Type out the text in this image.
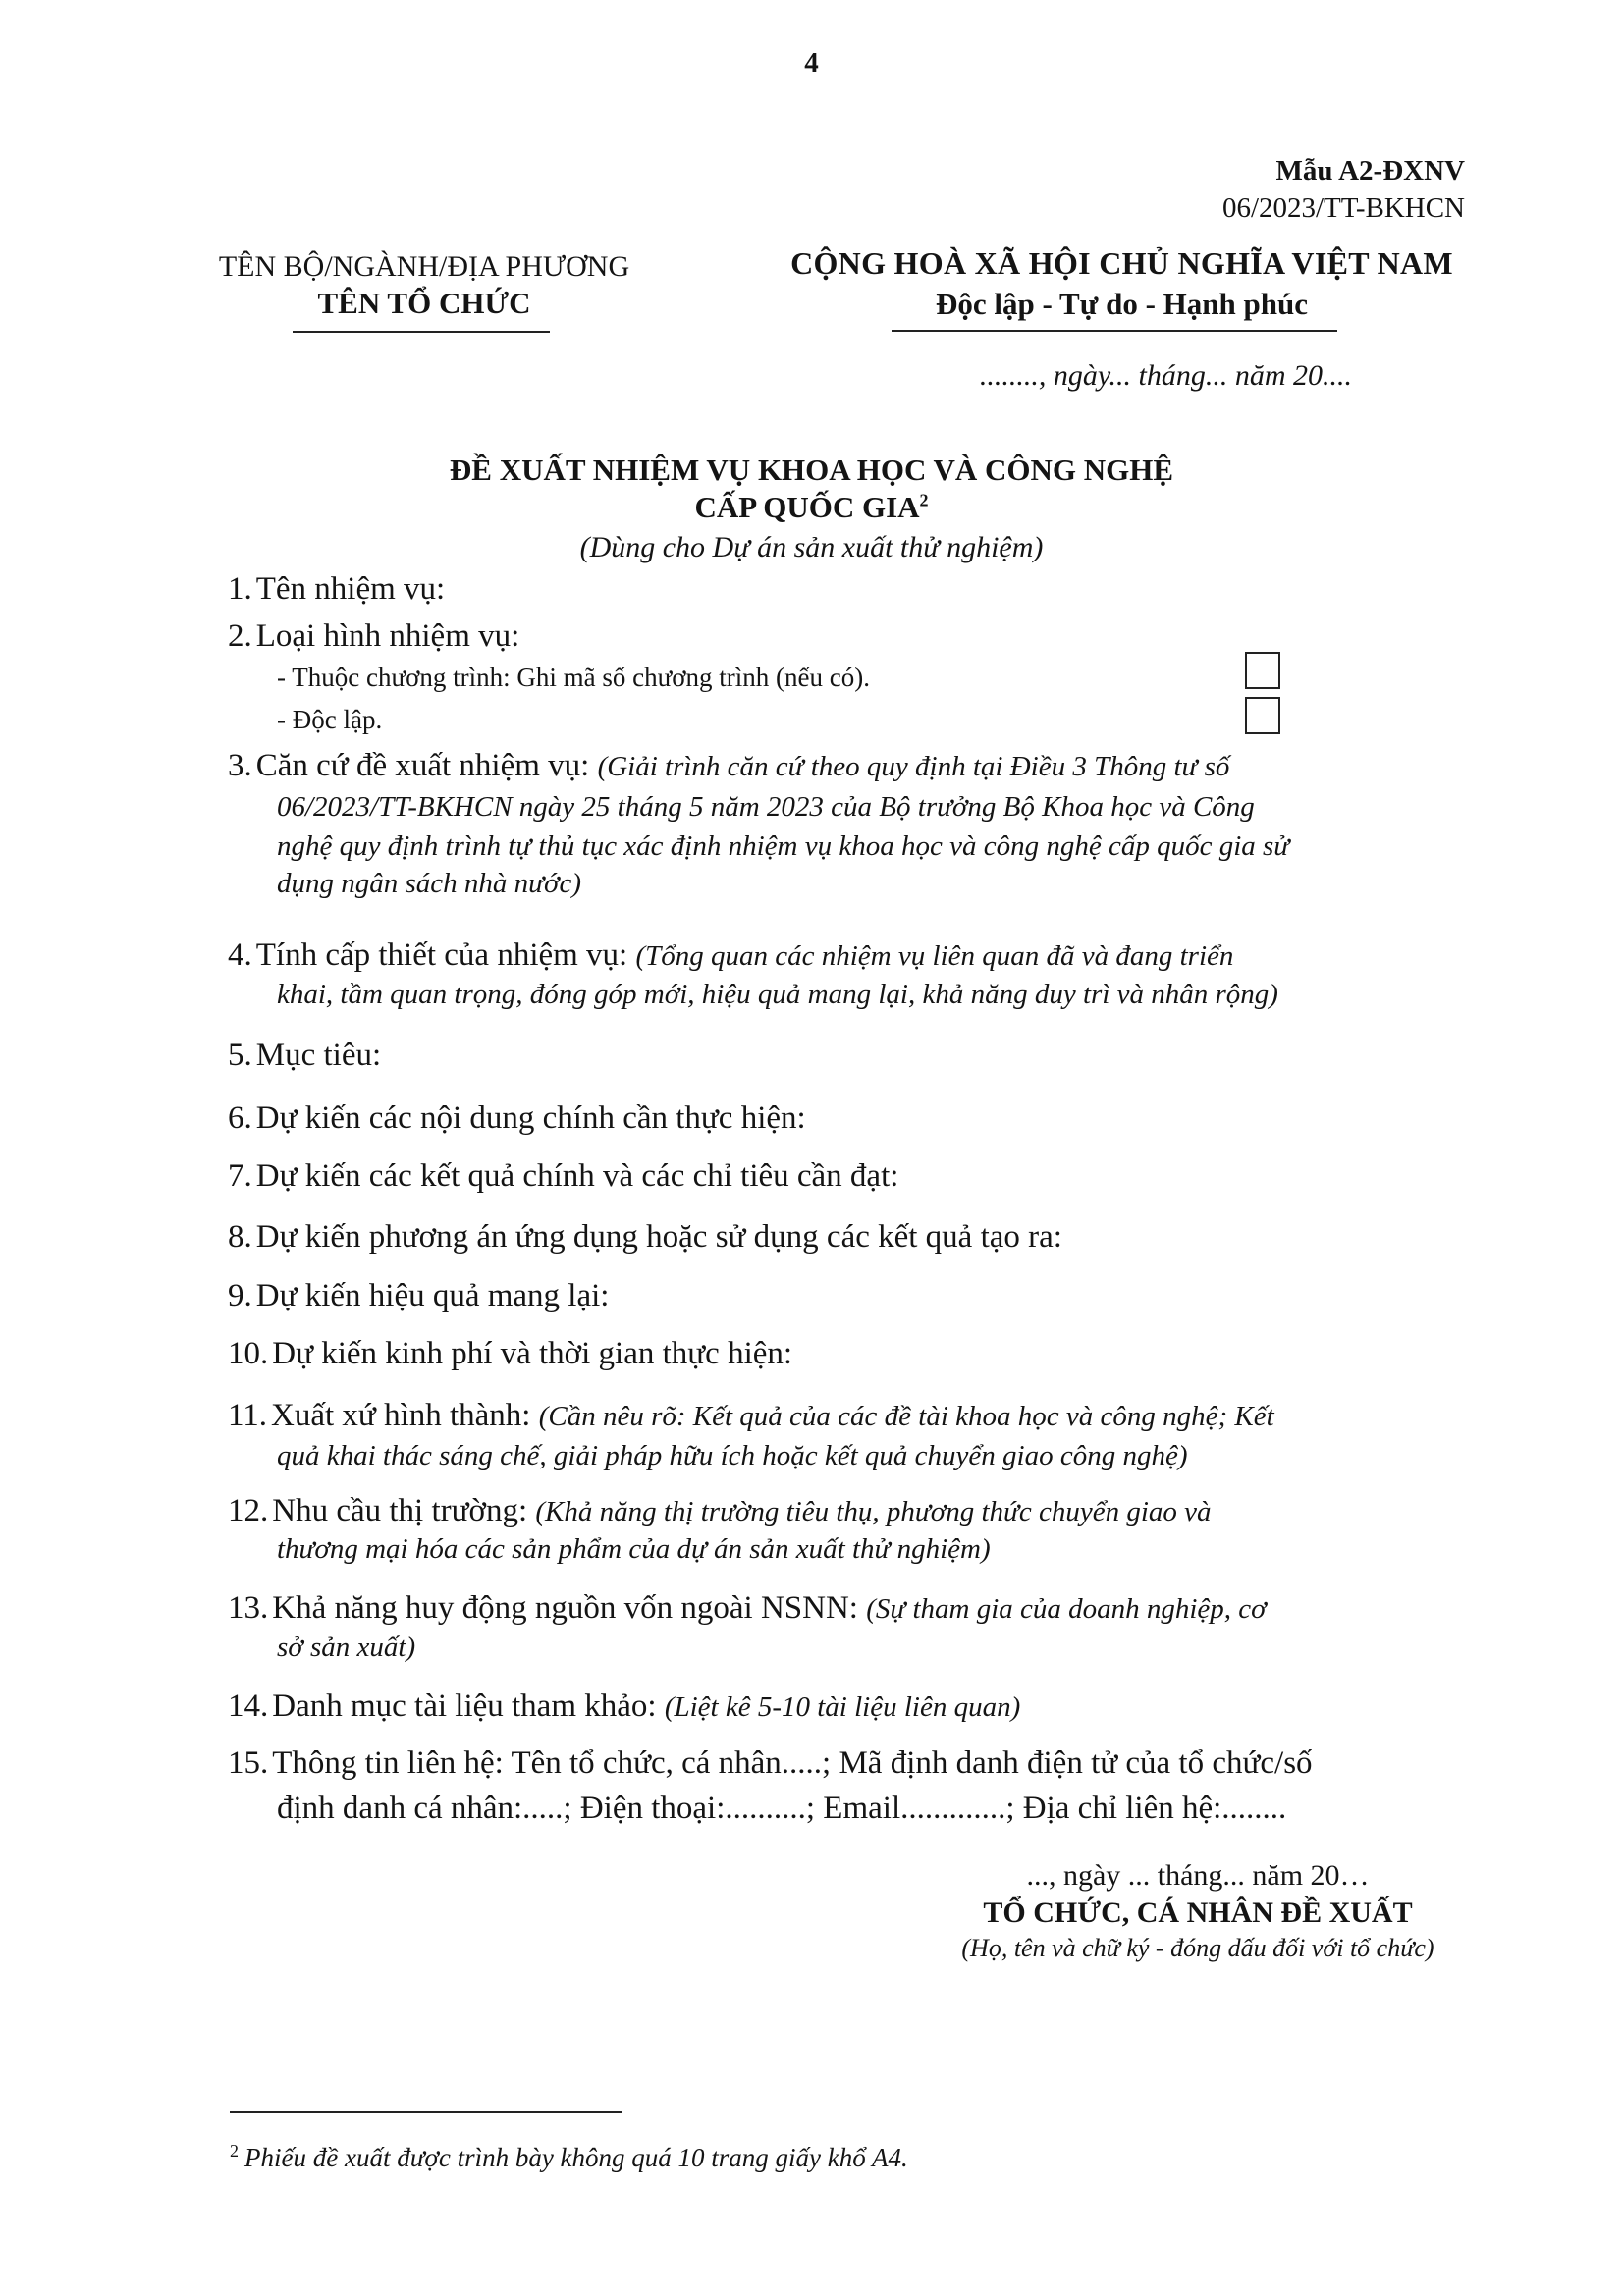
4
Mẫu A2-ĐXNV
06/2023/TT-BKHCN
TÊN BỘ/NGÀNH/ĐỊA PHƯƠNG
TÊN TỔ CHỨC
CỘNG HOÀ XÃ HỘI CHỦ NGHĨA VIỆT NAM
Độc lập - Tự do - Hạnh phúc
........, ngày... tháng... năm 20....
ĐỀ XUẤT NHIỆM VỤ KHOA HỌC VÀ CÔNG NGHỆ
CẤP QUỐC GIA$^2$
(Dùng cho Dự án sản xuất thử nghiệm)
1. Tên nhiệm vụ:
2. Loại hình nhiệm vụ:
- Thuộc chương trình: Ghi mã số chương trình (nếu có).
- Độc lập.
3. Căn cứ đề xuất nhiệm vụ: (Giải trình căn cứ theo quy định tại Điều 3 Thông tư số
06/2023/TT-BKHCN ngày 25 tháng 5 năm 2023 của Bộ trưởng Bộ Khoa học và Công
nghệ quy định trình tự thủ tục xác định nhiệm vụ khoa học và công nghệ cấp quốc gia sử
dụng ngân sách nhà nước)
4. Tính cấp thiết của nhiệm vụ: (Tổng quan các nhiệm vụ liên quan đã và đang triển
khai, tầm quan trọng, đóng góp mới, hiệu quả mang lại, khả năng duy trì và nhân rộng)
5. Mục tiêu:
6. Dự kiến các nội dung chính cần thực hiện:
7. Dự kiến các kết quả chính và các chỉ tiêu cần đạt:
8. Dự kiến phương án ứng dụng hoặc sử dụng các kết quả tạo ra:
9. Dự kiến hiệu quả mang lại:
10. Dự kiến kinh phí và thời gian thực hiện:
11. Xuất xứ hình thành: (Cần nêu rõ: Kết quả của các đề tài khoa học và công nghệ; Kết
quả khai thác sáng chế, giải pháp hữu ích hoặc kết quả chuyển giao công nghệ)
12. Nhu cầu thị trường: (Khả năng thị trường tiêu thụ, phương thức chuyển giao và
thương mại hóa các sản phẩm của dự án sản xuất thử nghiệm)
13. Khả năng huy động nguồn vốn ngoài NSNN: (Sự tham gia của doanh nghiệp, cơ
sở sản xuất)
14. Danh mục tài liệu tham khảo: (Liệt kê 5-10 tài liệu liên quan)
15. Thông tin liên hệ: Tên tổ chức, cá nhân.....; Mã định danh điện tử của tổ chức/số
định danh cá nhân:.....; Điện thoại:..........; Email.............; Địa chỉ liên hệ:........
..., ngày ... tháng... năm 20…
TỔ CHỨC, CÁ NHÂN ĐỀ XUẤT
(Họ, tên và chữ ký - đóng dấu đối với tổ chức)
$^2$ Phiếu đề xuất được trình bày không quá 10 trang giấy khổ A4.
